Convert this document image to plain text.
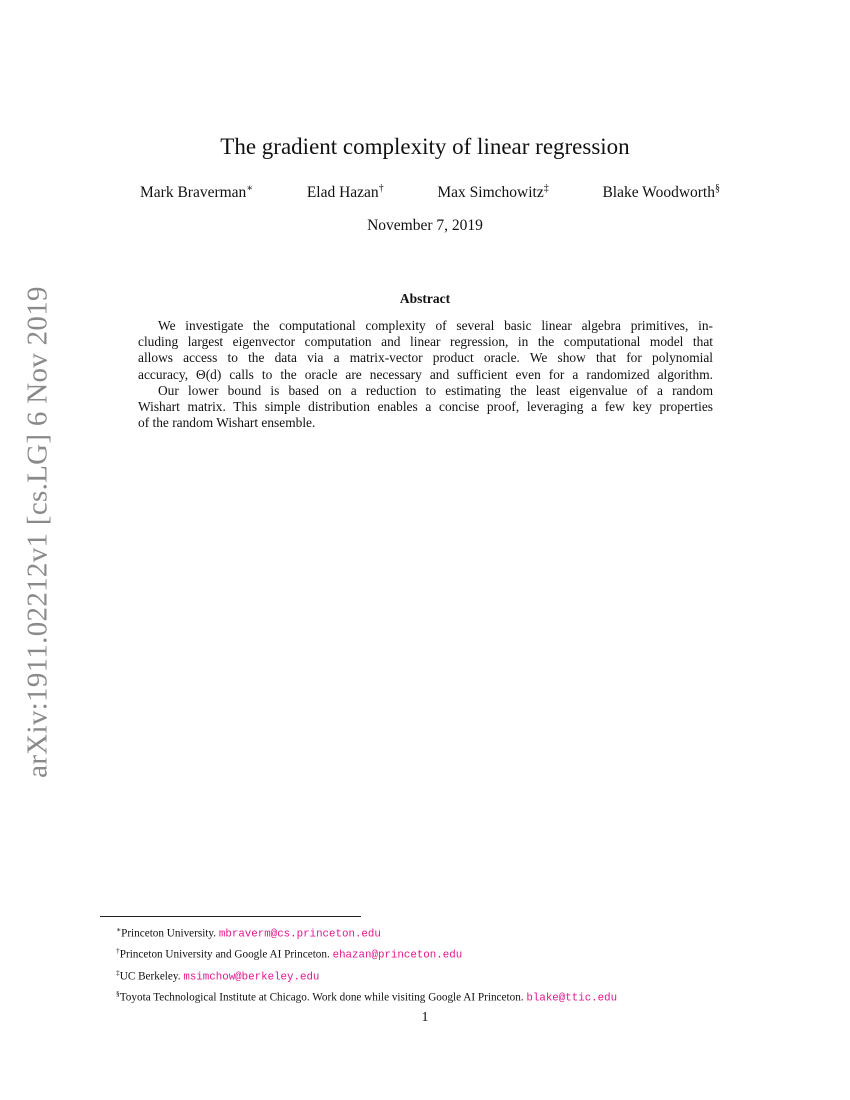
arXiv:1911.02212v1 [cs.LG] 6 Nov 2019
The gradient complexity of linear regression
Mark Braverman∗	Elad Hazan†	Max Simchowitz‡	Blake Woodworth§
November 7, 2019
Abstract
We investigate the computational complexity of several basic linear algebra primitives, in-
cluding largest eigenvector computation and linear regression, in the computational model that
allows access to the data via a matrix-vector product oracle. We show that for polynomial
accuracy, Θ(d) calls to the oracle are necessary and sufficient even for a randomized algorithm.
Our lower bound is based on a reduction to estimating the least eigenvalue of a random
Wishart matrix. This simple distribution enables a concise proof, leveraging a few key properties
of the random Wishart ensemble.
∗Princeton University. mbraverm@cs.princeton.edu
†Princeton University and Google AI Princeton. ehazan@princeton.edu
‡UC Berkeley. msimchow@berkeley.edu
§Toyota Technological Institute at Chicago. Work done while visiting Google AI Princeton. blake@ttic.edu
1
